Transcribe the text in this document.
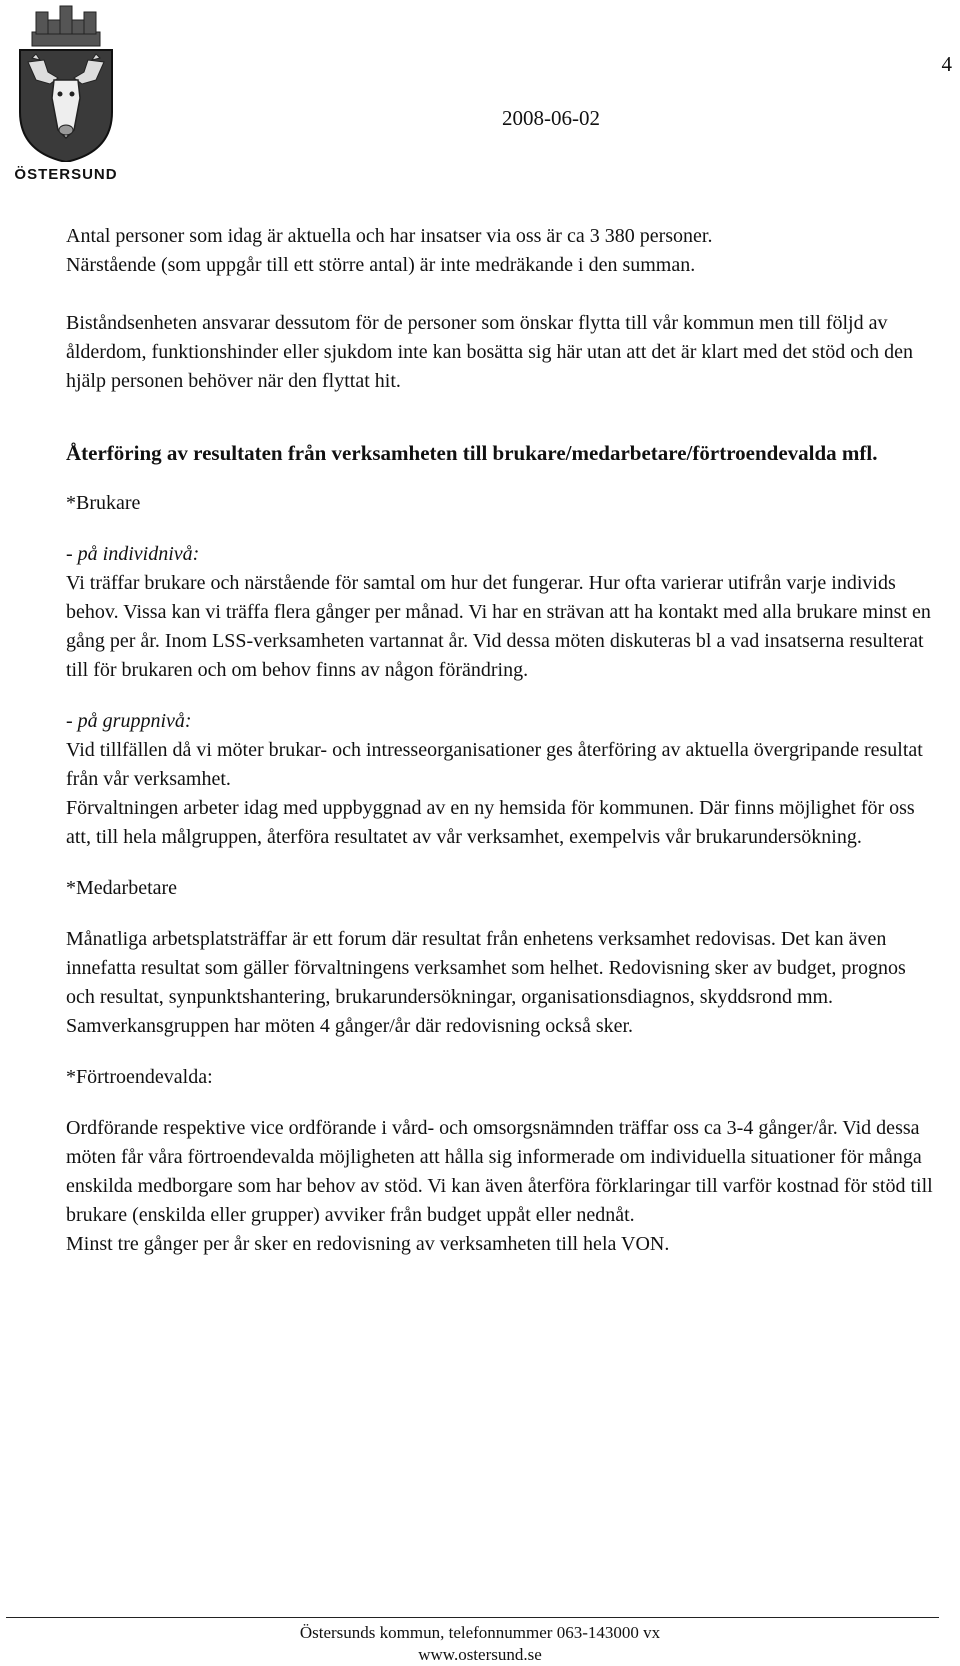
ÖSTERSUND
4
2008-06-02

Antal personer som idag är aktuella och har insatser via oss är ca 3 380 personer.

Närstående (som uppgår till ett större antal) är inte medräkande i den summan.

Biståndsenheten ansvarar dessutom för de personer som önskar flytta till vår kommun men till följd av ålderdom, funktionshinder eller sjukdom inte kan bosätta sig här utan att det är klart med det stöd och den hjälp personen behöver när den flyttat hit.

Återföring av resultaten från verksamheten till brukare/medarbetare/förtroendevalda mfl.

*Brukare

- på individnivå:

Vi träffar brukare och närstående för samtal om hur det fungerar. Hur ofta varierar utifrån varje individs behov. Vissa kan vi träffa flera gånger per månad. Vi har en strävan att ha kontakt med alla brukare minst en gång per år. Inom LSS-verksamheten vartannat år. Vid dessa möten diskuteras bl a vad insatserna resulterat till för brukaren och om behov finns av någon förändring.

- på gruppnivå:

Vid tillfällen då vi möter brukar- och intresseorganisationer ges återföring av aktuella övergripande resultat från vår verksamhet.

Förvaltningen arbeter idag med uppbyggnad av en ny hemsida för kommunen. Där finns möjlighet för oss att, till hela målgruppen, återföra resultatet av vår verksamhet, exempelvis vår brukarundersökning.

*Medarbetare

Månatliga arbetsplatsträffar är ett forum där resultat från enhetens verksamhet redovisas. Det kan även innefatta resultat som gäller förvaltningens verksamhet som helhet. Redovisning sker av budget, prognos och resultat, synpunktshantering, brukarundersökningar, organisationsdiagnos, skyddsrond mm. Samverkansgruppen har möten 4 gånger/år där redovisning också sker.

*Förtroendevalda:

Ordförande respektive vice ordförande i vård- och omsorgsnämnden träffar oss ca 3-4 gånger/år. Vid dessa möten får våra förtroendevalda möjligheten att hålla sig informerade om individuella situationer för många enskilda medborgare som har behov av stöd. Vi kan även återföra förklaringar till varför kostnad för stöd till brukare (enskilda eller grupper) avviker från budget uppåt eller nednåt.

Minst tre gånger per år sker en redovisning av verksamheten till hela VON.

Östersunds kommun, telefonnummer 063-143000 vx
www.ostersund.se
